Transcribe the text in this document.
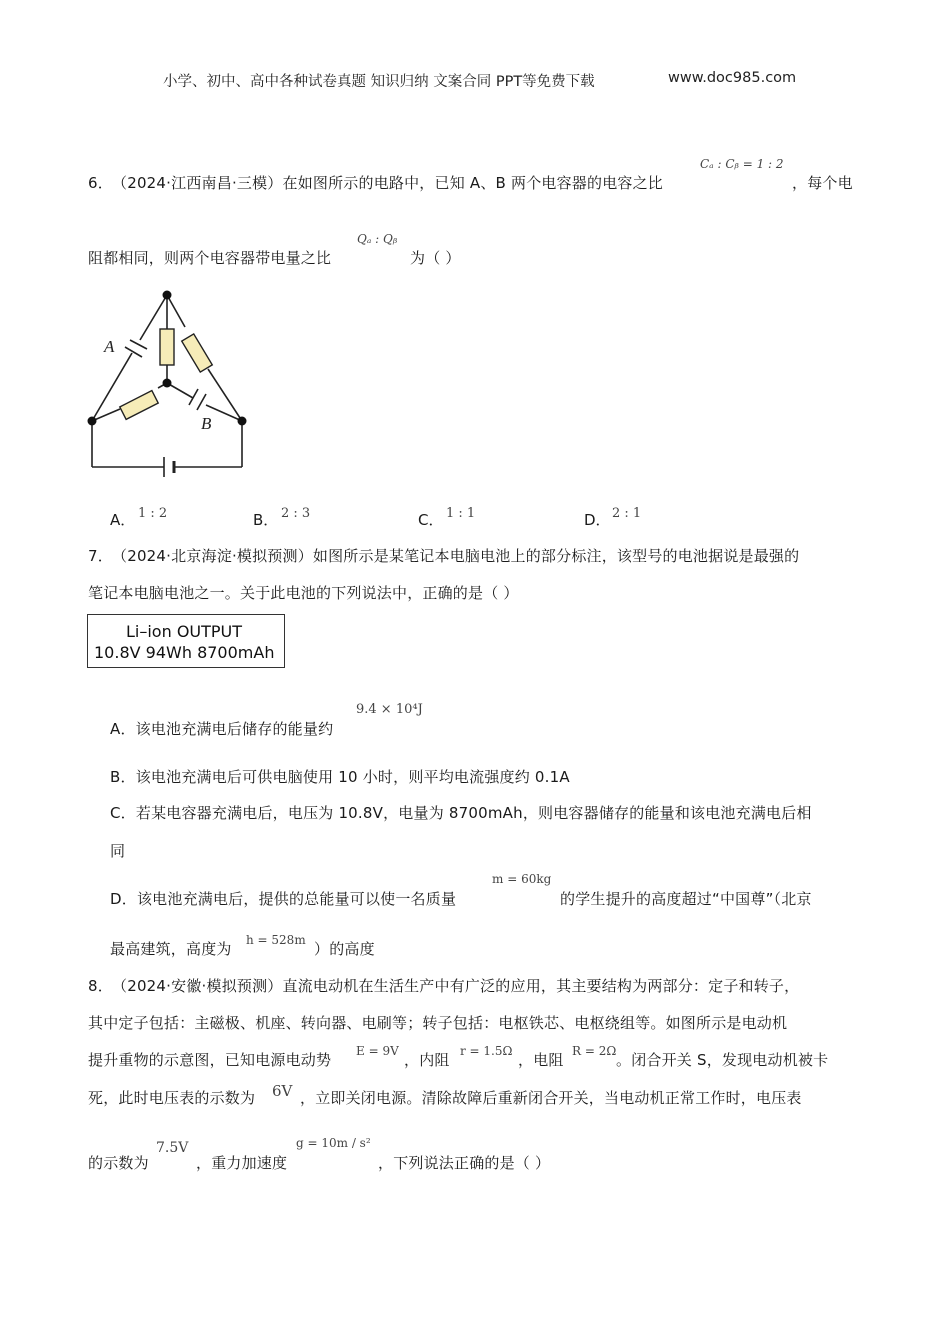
小学、初中、高中各种试卷真题 知识归纳 文案合同 PPT等免费下载	www.doc985.com
6． （2024·江西南昌·三模）在如图所示的电路中，已知 A、B 两个电容器的电容之比
Cₐ : Cᵦ = 1 : 2
，每个电
阻都相同，则两个电容器带电量之比
Qₐ : Qᵦ
为（ ）
A
B
A． 1 : 2	B． 2 : 3	C． 1 : 1	D． 2 : 1
7． （2024·北京海淀·模拟预测）如图所示是某笔记本电脑电池上的部分标注，该型号的电池据说是最强的
笔记本电脑电池之一。关于此电池的下列说法中，正确的是（ ）
Li–ion OUTPUT
10.8V 94Wh 8700mAh
A．该电池充满电后储存的能量约
9.4 × 10⁴J
B．该电池充满电后可供电脑使用 10 小时，则平均电流强度约 0.1A
C．若某电容器充满电后，电压为 10.8V，电量为 8700mAh，则电容器储存的能量和该电池充满电后相
同
D．该电池充满电后，提供的总能量可以使一名质量
m = 60kg
的学生提升的高度超过“中国尊”（北京
最高建筑，高度为 h = 528m ）的高度
8． （2024·安徽·模拟预测）直流电动机在生活生产中有广泛的应用，其主要结构为两部分：定子和转子，
其中定子包括：主磁极、机座、转向器、电刷等；转子包括：电枢铁芯、电枢绕组等。如图所示是电动机
提升重物的示意图，已知电源电动势 E = 9V ，内阻 r = 1.5Ω ，电阻 R = 2Ω 。闭合开关 S，发现电动机被卡
死，此时电压表的示数为 6V ，立即关闭电源。清除故障后重新闭合开关，当电动机正常工作时，电压表
的示数为
7.5V
，重力加速度
g = 10m / s²
，下列说法正确的是（ ）
